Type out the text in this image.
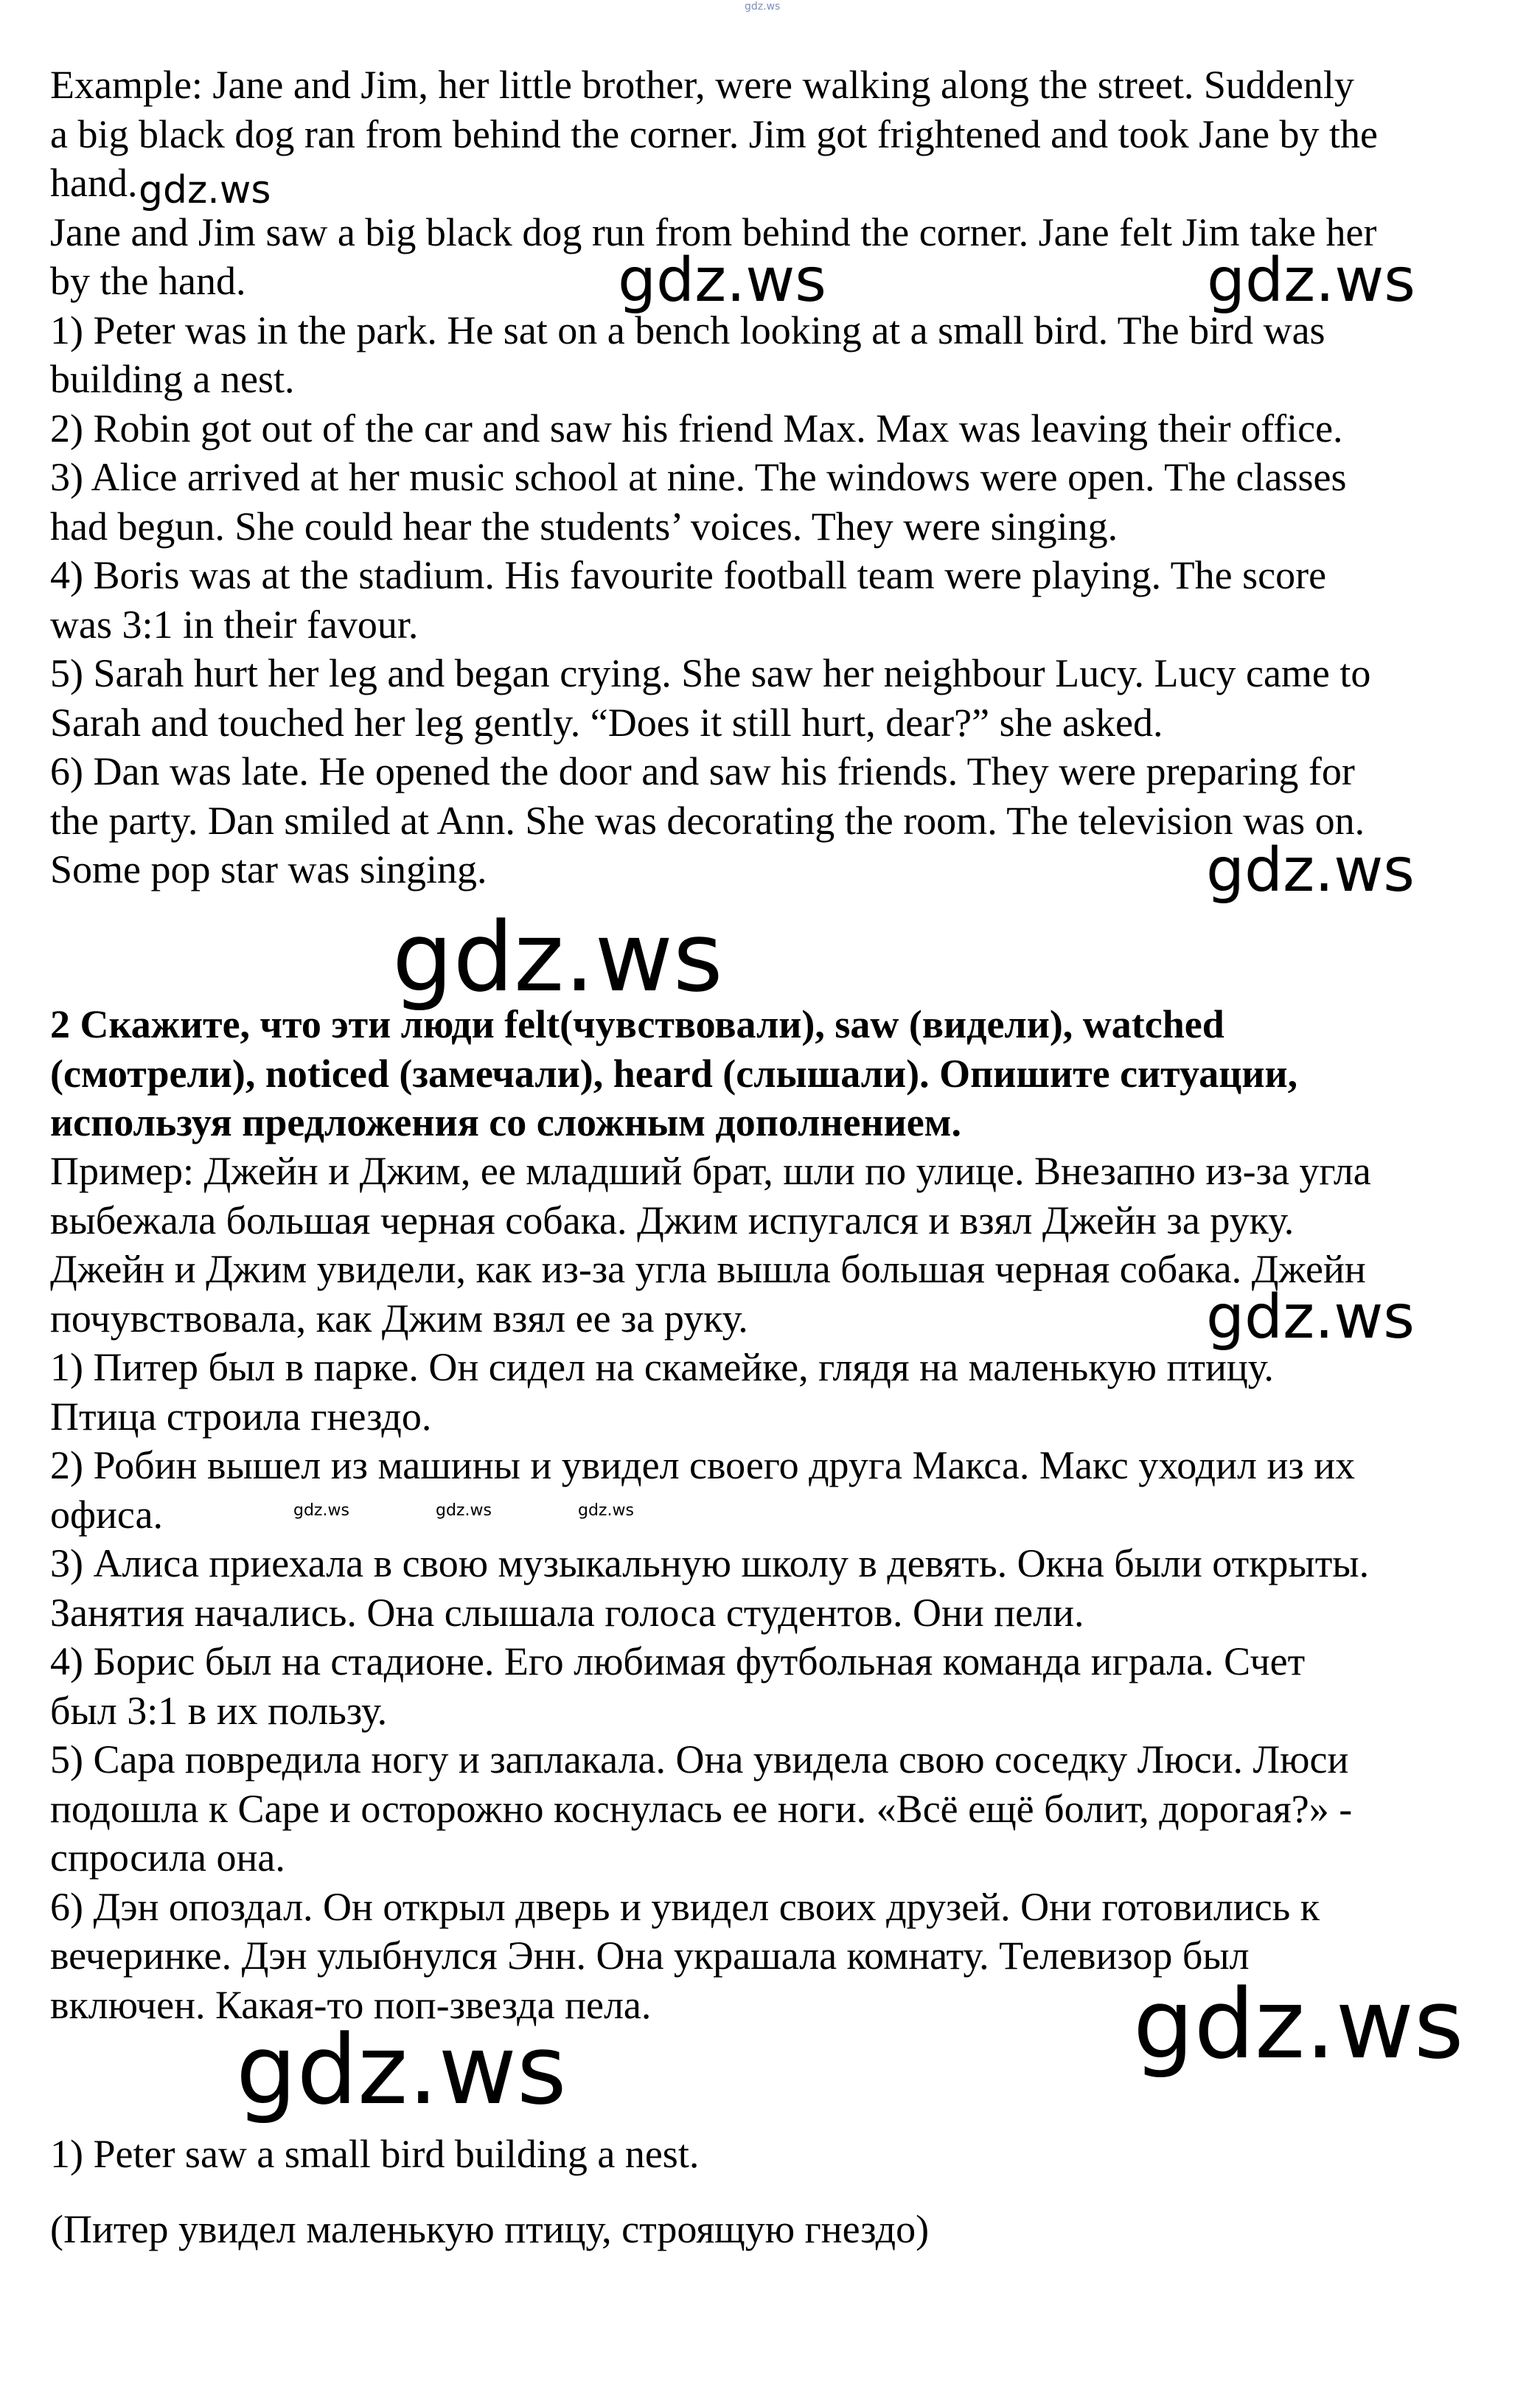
Example: Jane and Jim, her little brother, were walking along the street. Suddenly
a big black dog ran from behind the corner. Jim got frightened and took Jane by the
hand.
Jane and Jim saw a big black dog run from behind the corner. Jane felt Jim take her
by the hand.
1) Peter was in the park. He sat on a bench looking at a small bird. The bird was
building a nest.
2) Robin got out of the car and saw his friend Max. Max was leaving their office.
3) Alice arrived at her music school at nine. The windows were open. The classes
had begun. She could hear the students’ voices. They were singing.
4) Boris was at the stadium. His favourite football team were playing. The score
was 3:1 in their favour.
5) Sarah hurt her leg and began crying. She saw her neighbour Lucy. Lucy came to
Sarah and touched her leg gently. “Does it still hurt, dear?” she asked.
6) Dan was late. He opened the door and saw his friends. They were preparing for
the party. Dan smiled at Ann. She was decorating the room. The television was on.
Some pop star was singing.
2 Скажите, что эти люди felt(чувствовали), saw (видели), watched
(смотрели), noticed (замечали), heard (слышали). Опишите ситуации,
используя предложения со сложным дополнением.
Пример: Джейн и Джим, ее младший брат, шли по улице. Внезапно из-за угла
выбежала большая черная собака. Джим испугался и взял Джейн за руку.
Джейн и Джим увидели, как из-за угла вышла большая черная собака. Джейн
почувствовала, как Джим взял ее за руку.
1) Питер был в парке. Он сидел на скамейке, глядя на маленькую птицу.
Птица строила гнездо.
2) Робин вышел из машины и увидел своего друга Макса. Макс уходил из их
офиса.
3) Алиса приехала в свою музыкальную школу в девять. Окна были открыты.
Занятия начались. Она слышала голоса студентов. Они пели.
4) Борис был на стадионе. Его любимая футбольная команда играла. Счет
был 3:1 в их пользу.
5) Сара повредила ногу и заплакала. Она увидела свою соседку Люси. Люси
подошла к Саре и осторожно коснулась ее ноги. «Всё ещё болит, дорогая?» -
спросила она.
6) Дэн опоздал. Он открыл дверь и увидел своих друзей. Они готовились к
вечеринке. Дэн улыбнулся Энн. Она украшала комнату. Телевизор был
включен. Какая-то поп-звезда пела.
1) Peter saw a small bird building a nest.
(Питер увидел маленькую птицу, строящую гнездо)
gdz.ws
gdz.ws
gdz.ws	gdz.ws
gdz.ws
gdz.ws
gdz.ws
gdz.ws	gdz.ws	gdz.ws
gdz.ws
gdz.ws
